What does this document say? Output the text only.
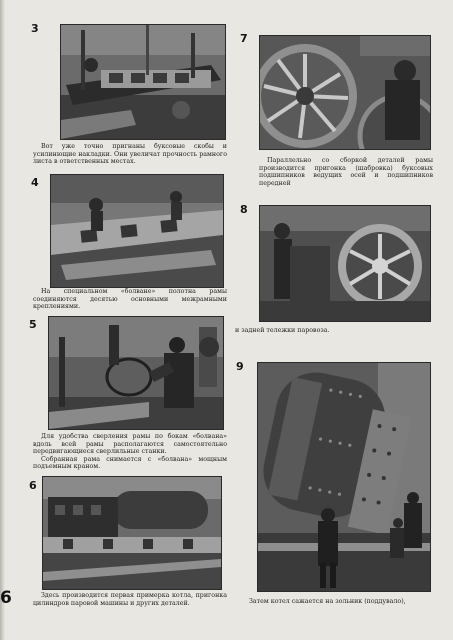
3

Вот уже точно пригнаны буксовые скобы и усилинющие накладки. Они увеличат прочность рамного листа в ответственных местах.

4

На специальном «болване» полотна рамы соединяются десятью основными межрамными креплениями.

5

Для удобства сверления рамы по бокам «болвана» вдоль всей рамы располагаются самостоятельно передвигающиеся сверлильные станки.

Собранная рама снимается с «болвана» мощным подъемным краном.

6

Здесь производится первая примерка котла, пригонка цилиндров паровой машины и других деталей.

7

Параллельно со сборкой деталей рамы производится пригонка (шабровка) буксовых подшипников ведущих осей и подшипников передней

8

и задней тележки паровоза.

9

Затем котел сажается на зольник (поддувало),

6
